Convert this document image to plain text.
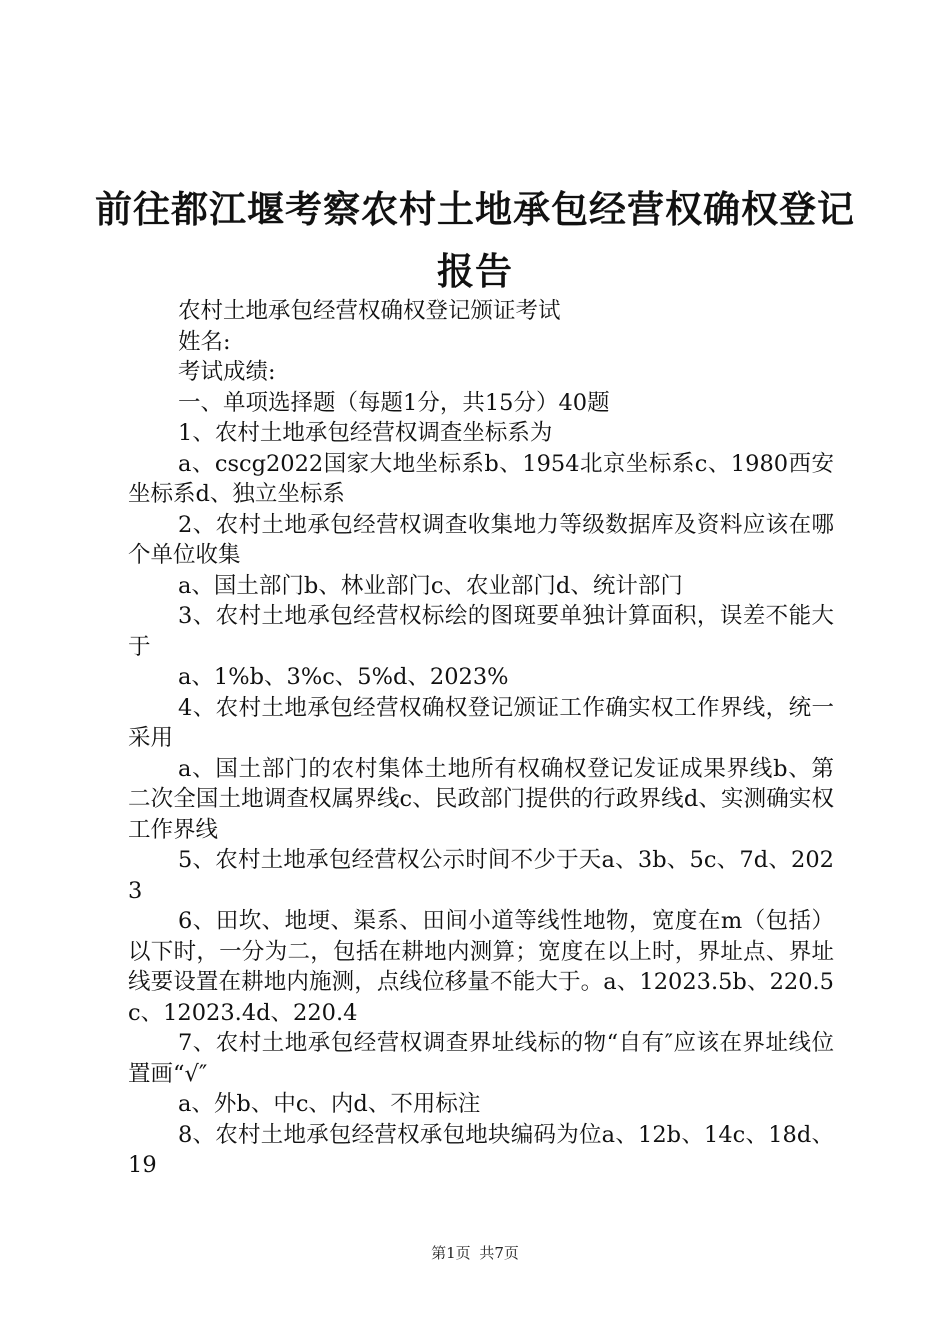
前往都江堰考察农村土地承包经营权确权登记
报告

农村土地承包经营权确权登记颁证考试

姓名:

考试成绩:

一、单项选择题（每题1分，共15分）40题

1、农村土地承包经营权调查坐标系为

a、cscg2022国家大地坐标系b、1954北京坐标系c、1980西安坐标系d、独立坐标系

2、农村土地承包经营权调查收集地力等级数据库及资料应该在哪个单位收集

a、国土部门b、林业部门c、农业部门d、统计部门

3、农村土地承包经营权标绘的图斑要单独计算面积，误差不能大于

a、1%b、3%c、5%d、2023%

4、农村土地承包经营权确权登记颁证工作确实权工作界线，统一采用

a、国土部门的农村集体土地所有权确权登记发证成果界线b、第二次全国土地调查权属界线c、民政部门提供的行政界线d、实测确实权工作界线

5、农村土地承包经营权公示时间不少于天a、3b、5c、7d、2023

6、田坎、地埂、渠系、田间小道等线性地物，宽度在m（包括）以下时，一分为二，包括在耕地内测算；宽度在以上时，界址点、界址线要设置在耕地内施测，点线位移量不能大于。a、12023.5b、220.5c、12023.4d、220.4

7、农村土地承包经营权调查界址线标的物“自有″应该在界址线位置画“√″

a、外b、中c、内d、不用标注

8、农村土地承包经营权承包地块编码为位a、12b、14c、18d、19

第1页 共7页
